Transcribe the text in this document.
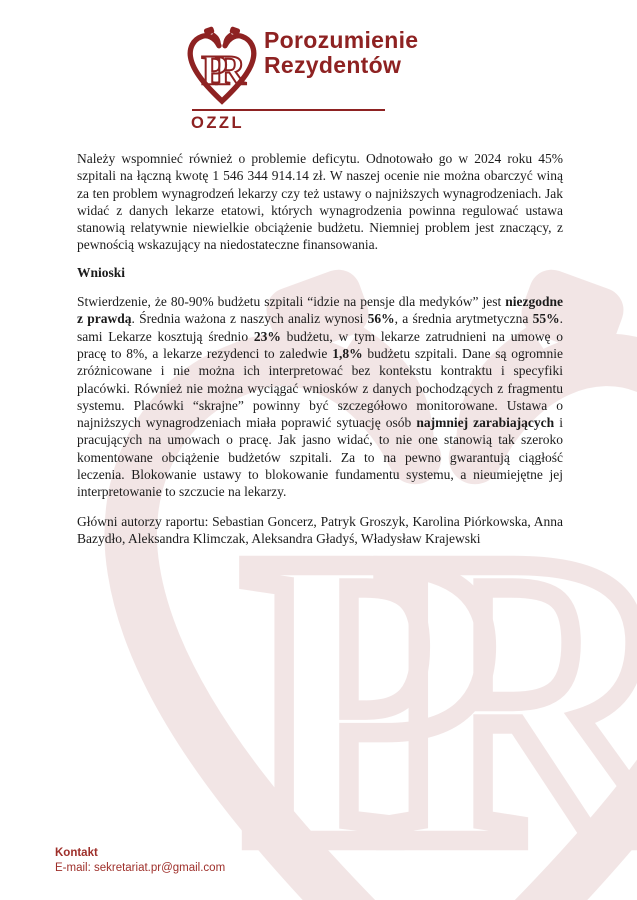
Porozumienie
Rezydentów
OZZL

Należy wspomnieć również o problemie deficytu. Odnotowało go w 2024 roku 45% szpitali na łączną kwotę 1 546 344 914.14 zł. W naszej ocenie nie można obarczyć winą za ten problem wynagrodzeń lekarzy czy też ustawy o najniższych wynagrodzeniach. Jak widać z danych lekarze etatowi, których wynagrodzenia powinna regulować ustawa stanowią relatywnie niewielkie obciążenie budżetu. Niemniej problem jest znaczący, z pewnością wskazujący na niedostateczne finansowania.

Wnioski

Stwierdzenie, że 80-90% budżetu szpitali “idzie na pensje dla medyków” jest niezgodne z prawdą. Średnia ważona z naszych analiz wynosi 56%, a średnia arytmetyczna 55%. sami Lekarze kosztują średnio 23% budżetu, w tym lekarze zatrudnieni na umowę o pracę to 8%, a lekarze rezydenci to zaledwie 1,8% budżetu szpitali. Dane są ogromnie zróżnicowane i nie można ich interpretować bez kontekstu kontraktu i specyfiki placówki. Również nie można wyciągać wniosków z danych pochodzących z fragmentu systemu. Placówki “skrajne” powinny być szczegółowo monitorowane. Ustawa o najniższych wynagrodzeniach miała poprawić sytuację osób najmniej zarabiających i pracujących na umowach o pracę. Jak jasno widać, to nie one stanowią tak szeroko komentowane obciążenie budżetów szpitali. Za to na pewno gwarantują ciągłość leczenia. Blokowanie ustawy to blokowanie fundamentu systemu, a nieumiejętne jej interpretowanie to szczucie na lekarzy.

Główni autorzy raportu: Sebastian Goncerz, Patryk Groszyk, Karolina Piórkowska, Anna Bazydło, Aleksandra Klimczak, Aleksandra Gładyś, Władysław Krajewski

Kontakt
E-mail: sekretariat.pr@gmail.com
